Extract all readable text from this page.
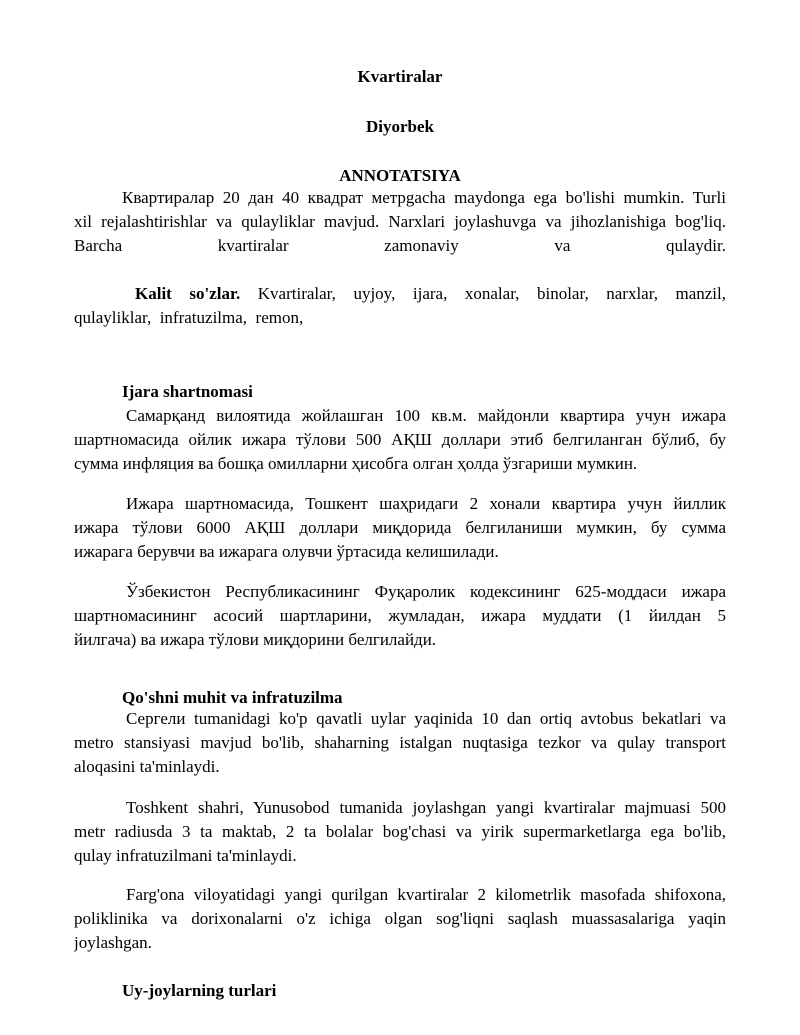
Kvartiralar
Diyorbek
ANNOTATSIYA
Квартиралар 20 дан 40 квадрат метрgacha maydonga ega bo'lishi mumkin. Turli
xil rejalashtirishlar va qulayliklar mavjud. Narxlari joylashuvga va jihozlanishiga bog'liq.
Barcha kvartiralar zamonaviy va qulaydir.
Kalit so'zlar. Kvartiralar, uyjoy, ijara, xonalar, binolar, narxlar, manzil,
qulayliklar,  infratuzilma,  remon,
Ijara shartnomasi
Самарқанд вилоятида жойлашган 100 кв.м. майдонли квартира учун ижара
шартномасида ойлик ижара тўлови 500 АҚШ доллари этиб белгиланган бўлиб, бу
сумма инфляция ва бошқа омилларни ҳисобга олган ҳолда ўзгариши мумкин.
Ижара шартномасида, Тошкент шаҳридаги 2 хонали квартира учун йиллик
ижара тўлови 6000 АҚШ доллари миқдорида белгиланиши мумкин, бу сумма
ижарага берувчи ва ижарага олувчи ўртасида келишилади.
Ўзбекистон Республикасининг Фуқаролик кодексининг 625-моддаси ижара
шартномасининг асосий шартларини, жумладан, ижара муддати (1 йилдан 5
йилгача) ва ижара тўлови миқдорини белгилайди.
Qo'shni muhit va infratuzilma
Сергели tumanidagi ko'p qavatli uylar yaqinida 10 dan ortiq avtobus bekatlari va
metro stansiyasi mavjud bo'lib, shaharning istalgan nuqtasiga tezkor va qulay transport
aloqasini ta'minlaydi.
Toshkent shahri, Yunusobod tumanida joylashgan yangi kvartiralar majmuasi 500
metr radiusda 3 ta maktab, 2 ta bolalar bog'chasi va yirik supermarketlarga ega bo'lib,
qulay infratuzilmani ta'minlaydi.
Farg'ona viloyatidagi yangi qurilgan kvartiralar 2 kilometrlik masofada shifoxona,
poliklinika va dorixonalarni o'z ichiga olgan sog'liqni saqlash muassasalariga yaqin
joylashgan.
Uy-joylarning turlari
